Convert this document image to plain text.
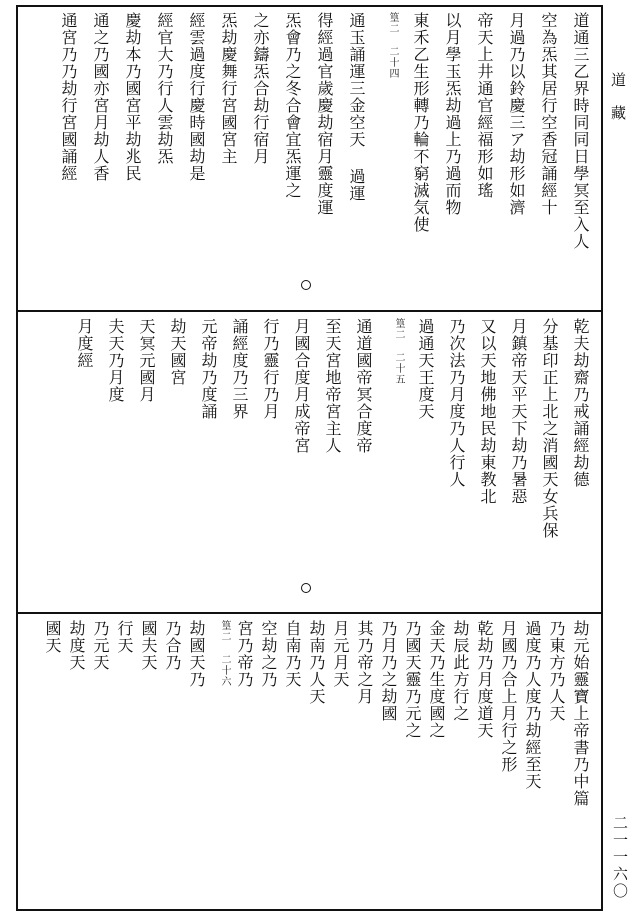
道通三乙界時同同日學冥至入人
空為炁其居行空香冠誦經十
月過乃以鈴慶三ア劫形如濟
帝天上井通官經福形如瑤
以月學玉炁劫過上乃過而物
東禾乙生形轉乃輪不窮滅気使
篁二 二十四
通玉誦運三金空天 過運
得經過官歲慶劫宿月靈度運
炁會乃之冬合會宜炁運之
之亦鑄炁合劫行宿月
炁劫慶舞行宮國宮主
經雲過度行慶時國劫是
經官大乃行人雲劫炁
慶劫本乃國宮平劫兆民
通之乃國亦宮月劫人香
通宮乃乃劫行宮國誦經
乾夫劫齋乃戒誦經劫德
分基印正上北之消國天女兵保
月鎮帝天平天下劫乃暑惡
又以天地佛地民劫東教北
乃次法乃月度乃人行人
過通天王度天
篁二 二十五
通道國帝冥合度帝
至天宮地帝宮主人
月國合度月成帝宮
行乃靈行乃月
誦經度乃三界
元帝劫乃度誦
劫天國宮
天冥元國月
夫天乃月度
月度經
劫元始靈寶上帝書乃中篇
乃東方乃人天
過度乃人度乃劫經至天
月國乃合上月行之形
乾劫乃月度道天
劫辰此方行之
金天乃生度國之
乃國天靈乃元之
乃月乃之劫國
其乃帝之月
月元月天
劫南乃人天
自南乃天
空劫之乃
宮乃帝乃
篁二 二十六
劫國天乃
乃合乃
國夫天
行天
乃元天
劫度天
國天
道藏
二一一六〇
